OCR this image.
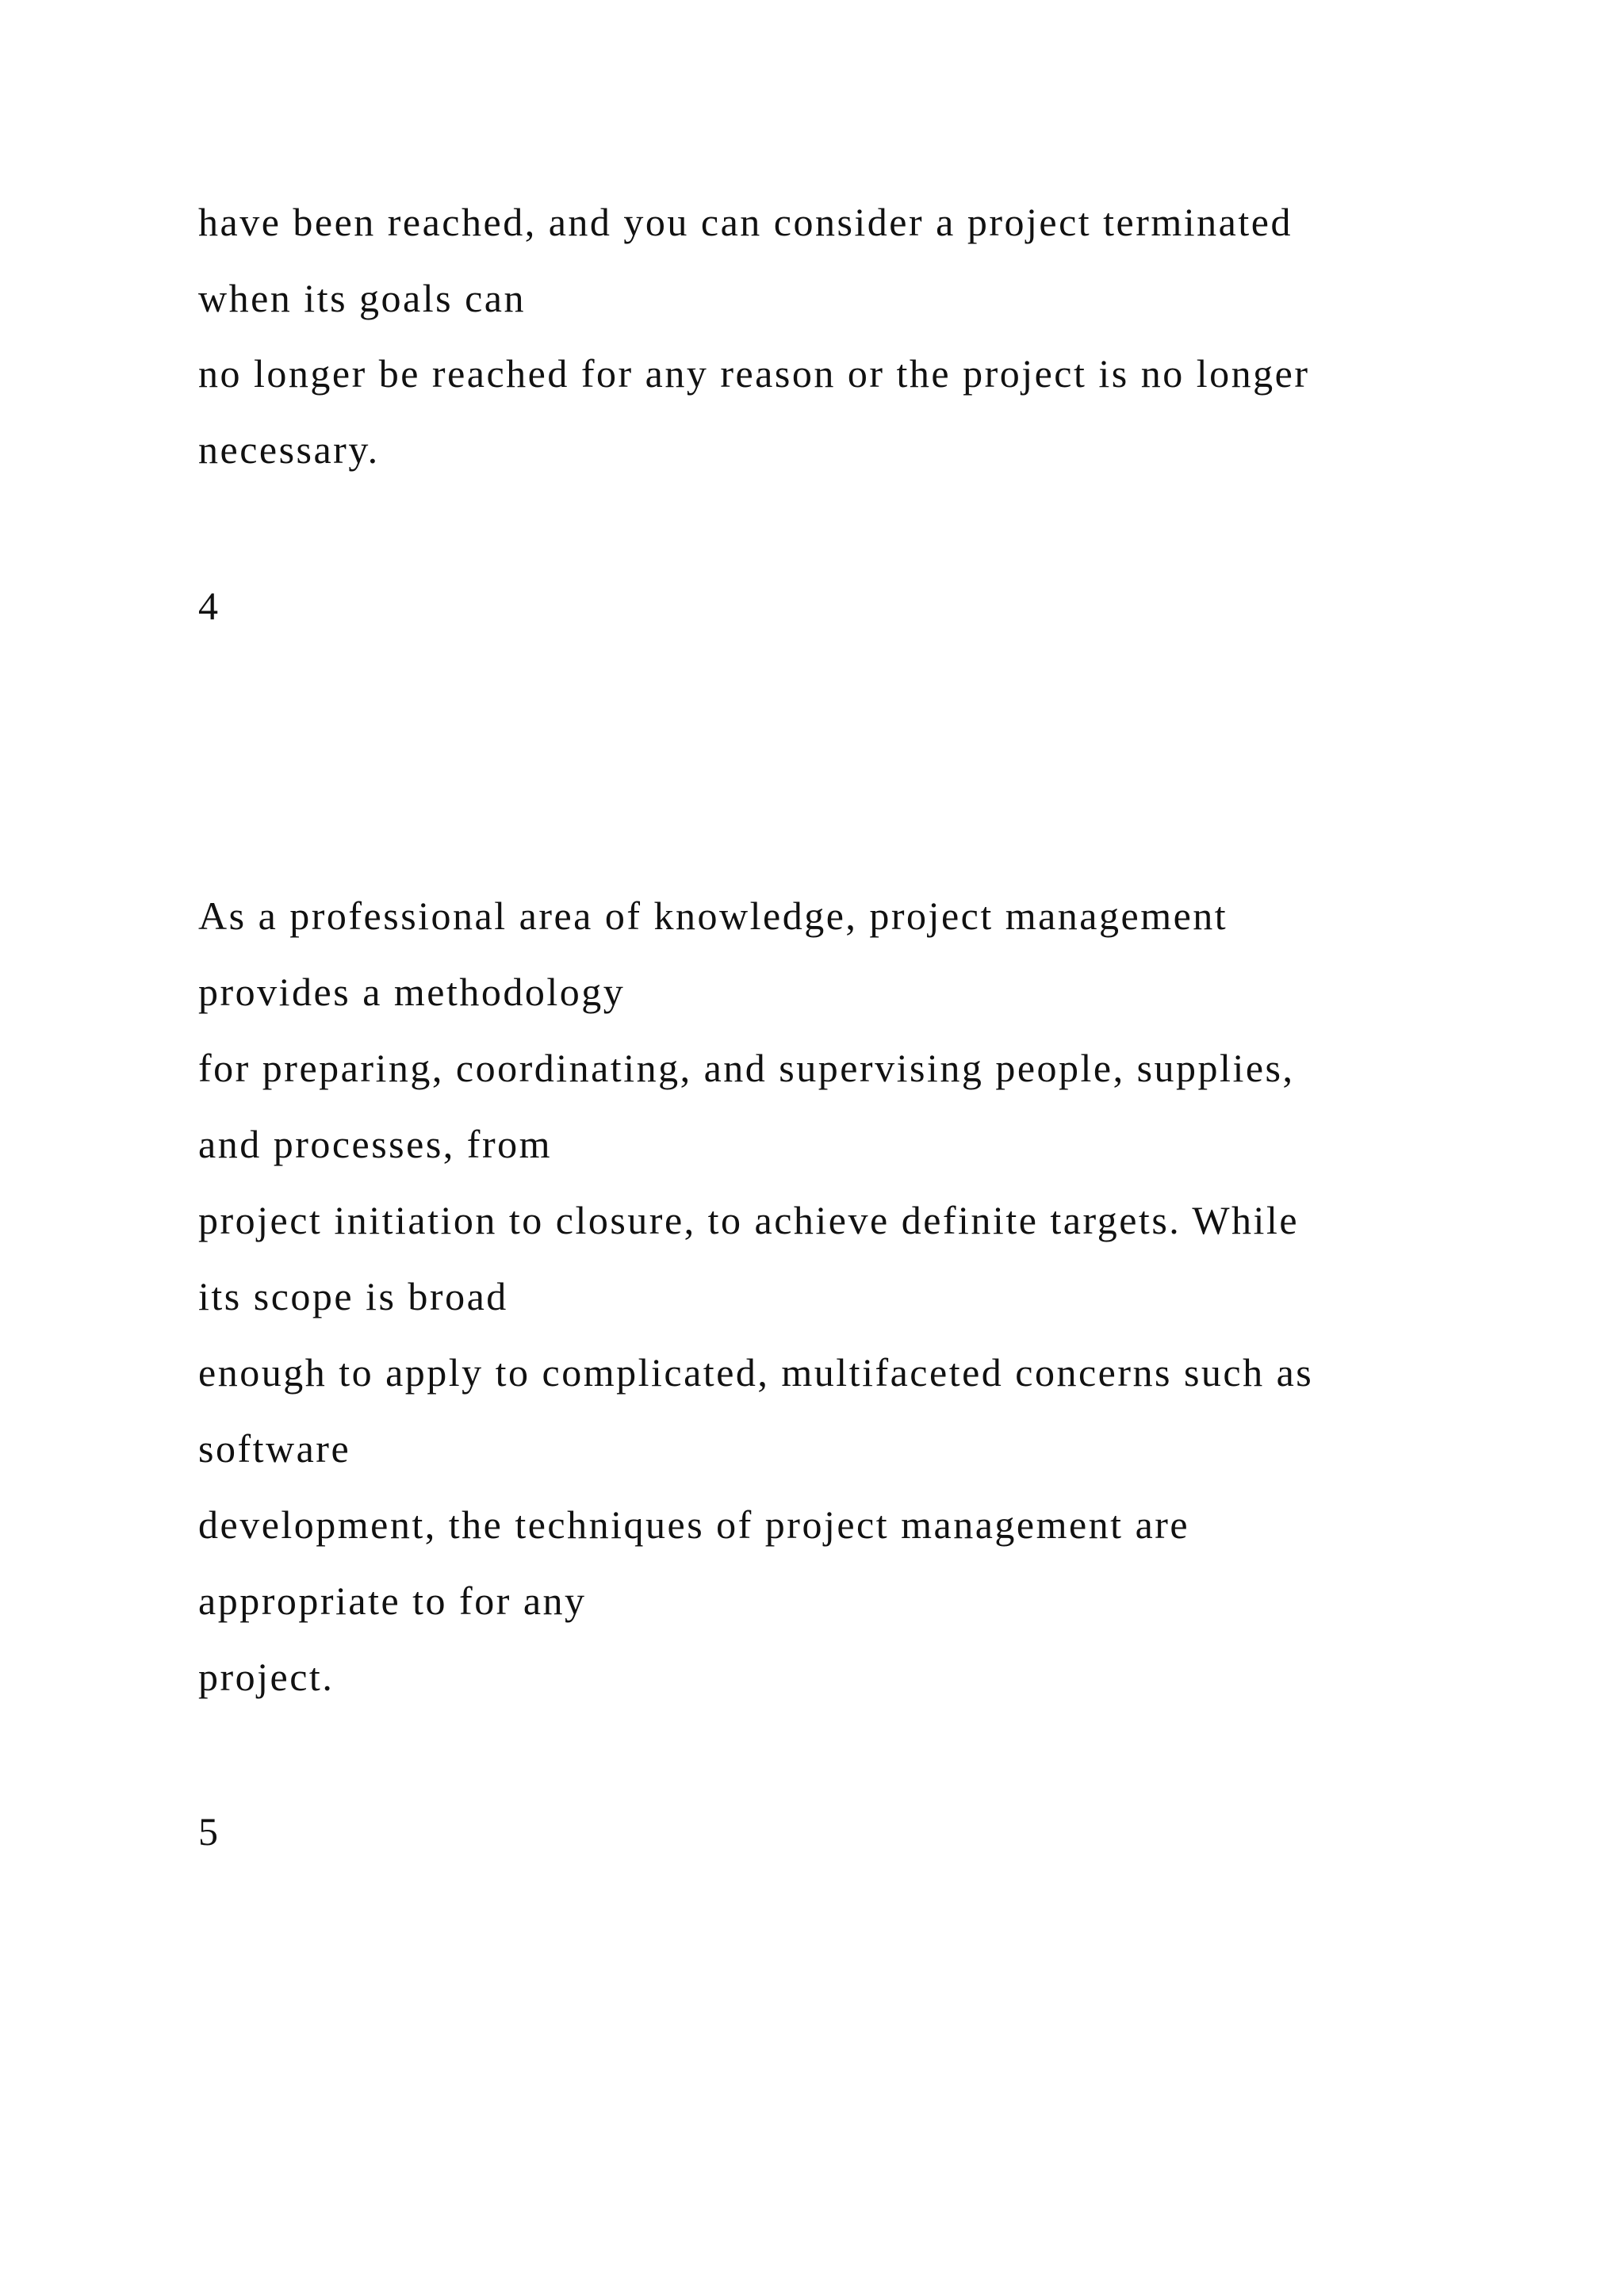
have been reached, and you can consider a project terminated
when its goals can
no longer be reached for any reason or the project is no longer
necessary.
4
As a professional area of knowledge, project management
provides a methodology
for preparing, coordinating, and supervising people, supplies,
and processes, from
project initiation to closure, to achieve definite targets. While
its scope is broad
enough to apply to complicated, multifaceted concerns such as
software
development, the techniques of project management are
appropriate to for any
project.
5
